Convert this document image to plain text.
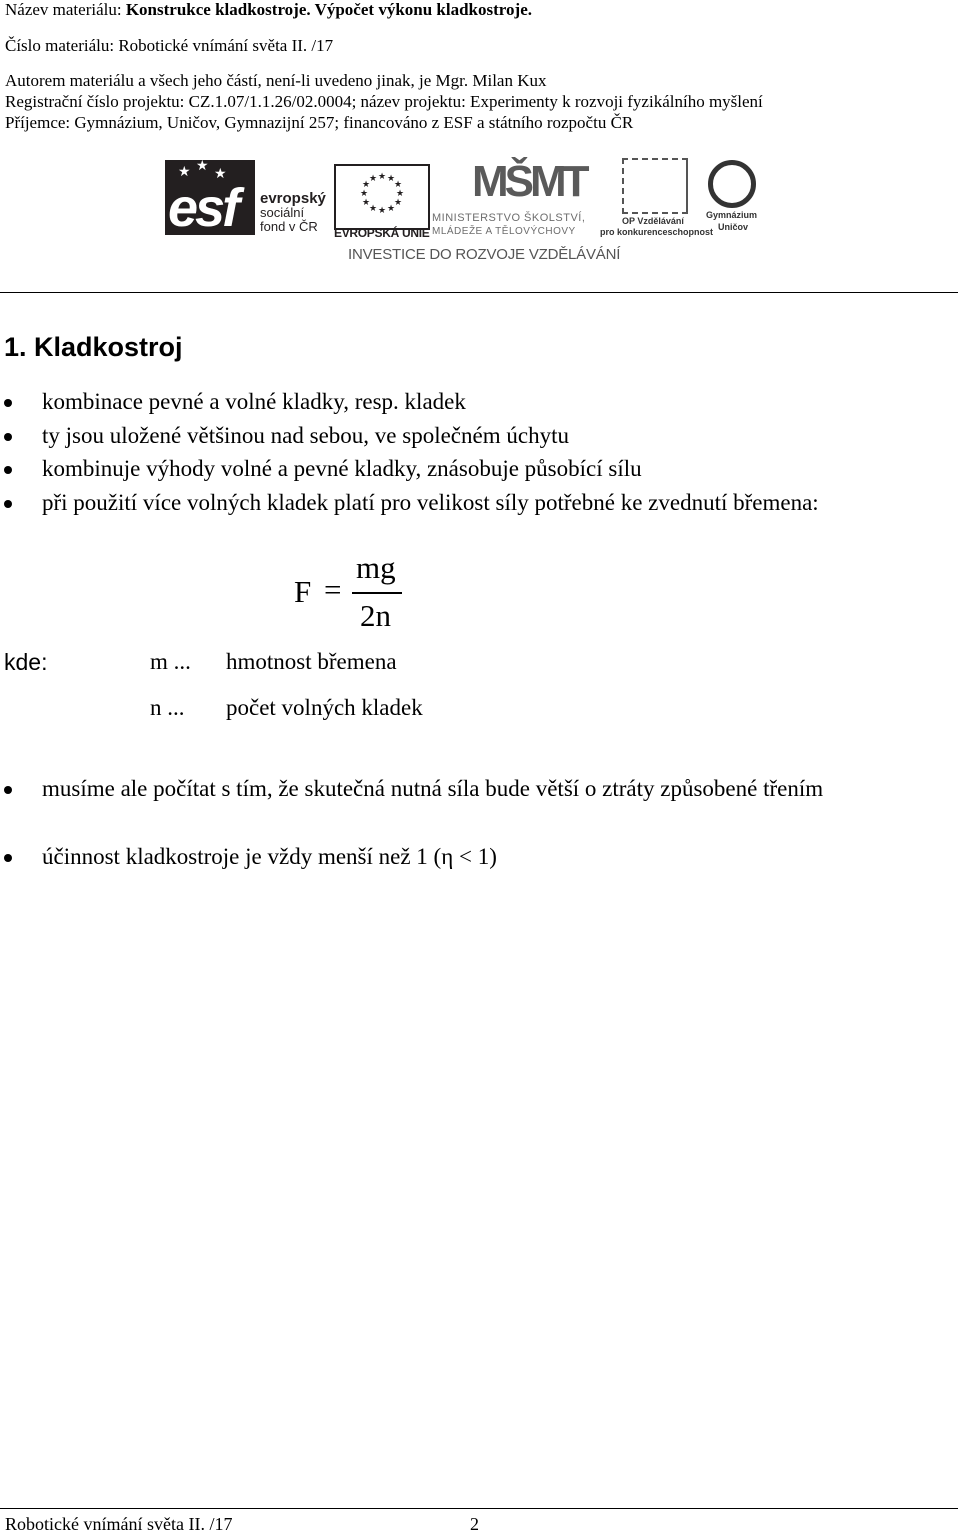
Název materiálu: Konstrukce kladkostroje. Výpočet výkonu kladkostroje.
Číslo materiálu: Robotické vnímání světa II. /17
Autorem materiálu a všech jeho částí, není-li uvedeno jinak, je Mgr. Milan Kux
Registrační číslo projektu: CZ.1.07/1.1.26/02.0004; název projektu: Experimenty k rozvoji fyzikálního myšlení
Příjemce: Gymnázium, Uničov, Gymnazijní 257; financováno z ESF a státního rozpočtu ČR
★ ★
★
esf evropský
sociální
fond v ČR
★ ★
★
★
★
★
★
★
★
★
★
★
EVROPSKÁ UNIE
MŠMT
MINISTERSTVO ŠKOLSTVÍ,
MLÁDEŽE A TĚLOVÝCHOVY
OP Vzdělávání
pro konkurenceschopnost
Gymnázium
Uničov
INVESTICE DO ROZVOJE VZDĚLÁVÁNÍ
1. Kladkostroj
kombinace pevné a volné kladky, resp. kladek
ty jsou uložené většinou nad sebou, ve společném úchytu
kombinuje výhody volné a pevné kladky, znásobuje působící sílu
při použití více volných kladek platí pro velikost síly potřebné ke zvednutí břemena:
F =
mg
2n
kde:	m ... hmotnost břemena
n ... počet volných kladek
musíme ale počítat s tím, že skutečná nutná síla bude větší o ztráty způsobené třením
účinnost kladkostroje je vždy menší než 1 (η < 1)
Robotické vnímání světa II. /17	2
